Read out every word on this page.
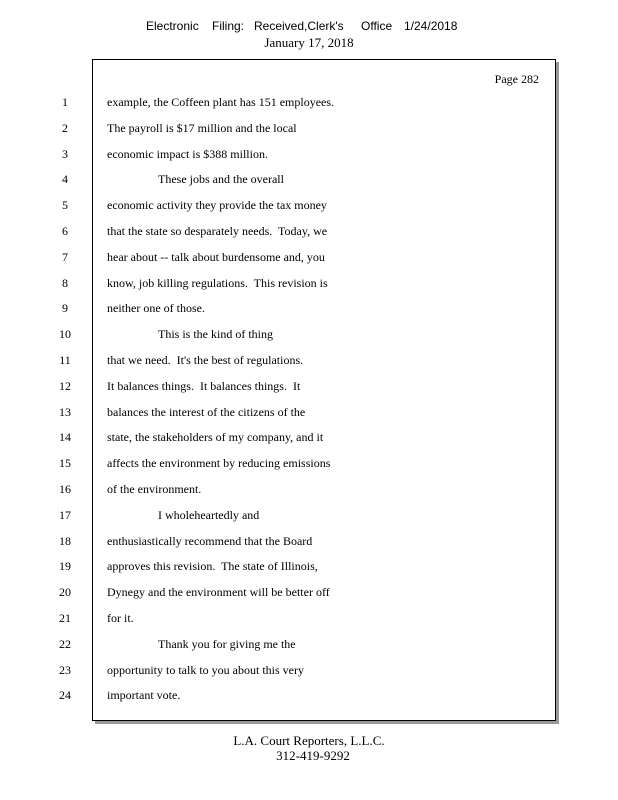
Electronic

Filing:

Received,Clerk's

Office

1/24/2018

January 17, 2018
Page 282
1	example, the Coffeen plant has 151 employees.
2	The payroll is $17 million and the local
3	economic impact is $388 million.
4	These jobs and the overall
5	economic activity they provide the tax money
6	that the state so desparately needs.  Today, we
7	hear about -- talk about burdensome and, you
8	know, job killing regulations.  This revision is
9	neither one of those.
10	This is the kind of thing
11	that we need.  It's the best of regulations.
12	It balances things.  It balances things.  It
13	balances the interest of the citizens of the
14	state, the stakeholders of my company, and it
15	affects the environment by reducing emissions
16	of the environment.
17	I wholeheartedly and
18	enthusiastically recommend that the Board
19	approves this revision.  The state of Illinois,
20	Dynegy and the environment will be better off
21	for it.
22	Thank you for giving me the
23	opportunity to talk to you about this very
24	important vote.
L.A. Court Reporters, L.L.C.
312-419-9292
